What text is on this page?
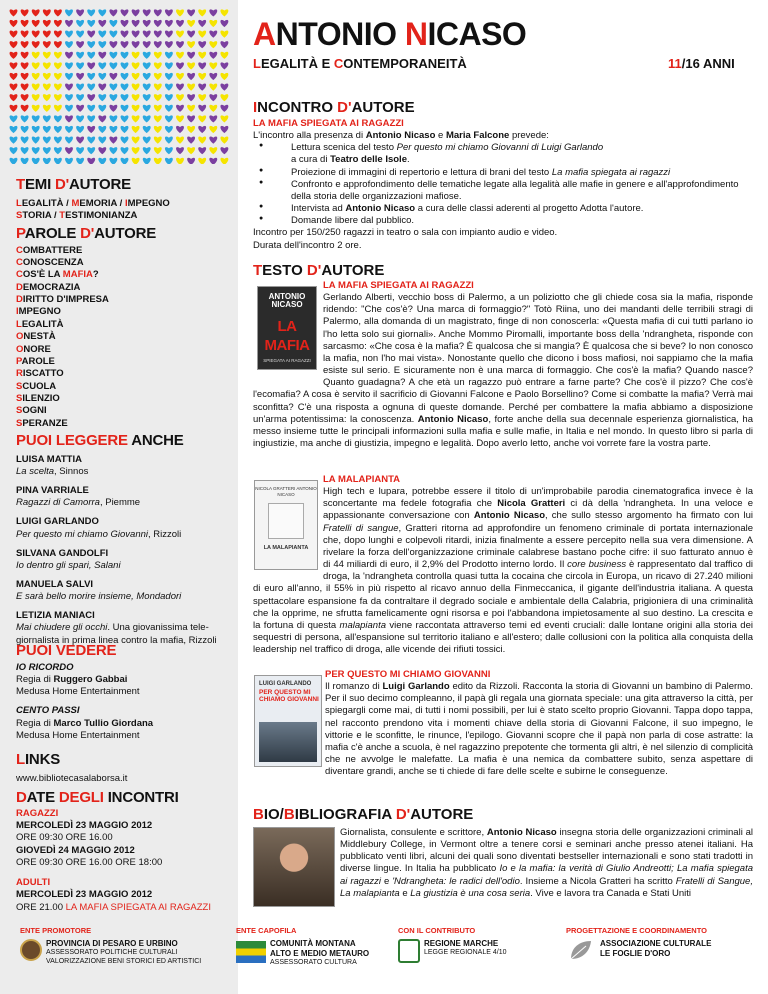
TEMI D'AUTORE
LEGALITÀ / MEMORIA / IMPEGNO
STORIA / TESTIMONIANZA
PAROLE D'AUTORE
COMBATTERE
CONOSCENZA
COS'È LA MAFIA?
DEMOCRAZIA
DIRITTO D'IMPRESA
IMPEGNO
LEGALITÀ
ONESTÀ
ONORE
PAROLE
RISCATTO
SCUOLA
SILENZIO
SOGNI
SPERANZE
PUOI LEGGERE ANCHE
LUISA MATTIA
La scelta, Sinnos
PINA VARRIALE
Ragazzi di Camorra, Piemme
LUIGI GARLANDO
Per questo mi chiamo Giovanni, Rizzoli
SILVANA GANDOLFI
Io dentro gli spari, Salani
MANUELA SALVI
E sarà bello morire insieme, Mondadori
LETIZIA MANIACI
Mai chiudere gli occhi. Una giovanissima tele-giornalista in prima linea contro la mafia, Rizzoli
PUOI VEDERE
IO RICORDO
Regia di Ruggero Gabbai
Medusa Home Entertainment
CENTO PASSI
Regia di Marco Tullio Giordana
Medusa Home Entertainment
LINKS
www.bibliotecasalaborsa.it
DATE DEGLI INCONTRI
RAGAZZI
MERCOLEDÌ 23 MAGGIO 2012
ORE 09:30 ORE 16.00
GIOVEDÌ 24 MAGGIO 2012
ORE 09:30 ORE 16.00 ORE 18:00
ADULTI
MERCOLEDÌ 23 MAGGIO 2012
ORE 21.00 LA MAFIA SPIEGATA AI RAGAZZI
ANTONIO NICASO
LEGALITÀ E CONTEMPORANEITÀ	11/16 ANNI
INCONTRO D'AUTORE
LA MAFIA SPIEGATA AI RAGAZZI
L'incontro alla presenza di Antonio Nicaso e Maria Falcone prevede:
● Lettura scenica del testo Per questo mi chiamo Giovanni di Luigi Garlando
a cura di Teatro delle Isole.
● Proiezione di immagini di repertorio e lettura di brani del testo La mafia spiegata ai ragazzi
● Confronto e approfondimento delle tematiche legate alla legalità alle mafie in genere e all'approfondimento della storia delle organizzazioni mafiose.
● Intervista ad Antonio Nicaso a cura delle classi aderenti al progetto Adotta l'autore.
● Domande libere dal pubblico.
Incontro per 150/250 ragazzi in teatro o sala con impianto audio e video.
Durata dell'incontro 2 ore.
TESTO D'AUTORE
ANTONIO NICASO
LA MAFIA
SPIEGATA AI RAGAZZI
LA MAFIA SPIEGATA AI RAGAZZI
Gerlando Alberti, vecchio boss di Palermo, a un poliziotto che gli chiede cosa sia la mafia, risponde ridendo: "Che cos'è? Una marca di formaggio?" Totò Riina, uno dei mandanti delle terribili stragi di Palermo, alla domanda di un magistrato, finge di non conoscerla: «Questa mafia di cui tutti parlano io l'ho letta solo sui giornali». Anche Mommo Piromalli, importante boss della 'ndrangheta, risponde con sarcasmo: «Che cosa è la mafia? È qualcosa che si mangia? È qualcosa che si beve? Io non conosco la mafia, non l'ho mai vista». Nonostante quello che dicono i boss mafiosi, noi sappiamo che la mafia esiste sul serio. E sicuramente non è una marca di formaggio. Che cos'è la mafia? Quando nasce? Quanto guadagna? A che età un ragazzo può entrare a farne parte? Che cos'è il pizzo? Che cos'è l'ecomafia? A cosa è servito il sacrificio di Giovanni Falcone e Paolo Borsellino? Come si combatte la mafia? Verrà mai sconfitta? C'è una risposta a ognuna di queste domande. Perché per combattere la mafia abbiamo a disposizione un'arma potentissima: la conoscenza. Antonio Nicaso, forte anche della sua decennale esperienza giornalistica, ha messo insieme tutte le principali informazioni sulla mafia e sulle mafie, in Italia e nel mondo. In questo libro si parla di ingiustizie, ma anche di giustizia, impegno e legalità. Dopo averlo letto, anche voi vorrete fare la vostra parte.
NICOLA GRATTERI ANTONIO NICASO
LA MALAPIANTA
LA MALAPIANTA
High tech e lupara, potrebbe essere il titolo di un'improbabile parodia cinematografica invece è la sconcertante ma fedele fotografia che Nicola Gratteri ci dà della 'ndrangheta. In una veloce e appassionante conversazione con Antonio Nicaso, che sullo stesso argomento ha firmato con lui Fratelli di sangue, Gratteri ritorna ad approfondire un fenomeno criminale di portata internazionale che, dopo lunghi e colpevoli ritardi, inizia finalmente a essere percepito nella sua vera dimensione. A rivelare la forza dell'organizzazione criminale calabrese bastano poche cifre: il suo fatturato annuo è di 44 miliardi di euro, il 2,9% del Prodotto interno lordo. Il core business è rappresentato dal traffico di droga, la 'ndrangheta controlla quasi tutta la cocaina che circola in Europa, un ricavo di 27.240 milioni di euro all'anno, il 55% in più rispetto al ricavo annuo della Finmeccanica, il gigante dell'industria italiana. A questa spettacolare espansione fa da contraltare il degrado sociale e ambientale della Calabria, prigioniera di una criminalità che la opprime, ne sfrutta famelicamente ogni risorsa e poi l'abbandona impietosamente al suo destino. La crescita e la fortuna di questa malapianta viene raccontata attraverso temi ed eventi cruciali: dalle lontane origini alla storia dei sequestri di persona, all'espansione sul territorio italiano e all'estero; dalle collusioni con la politica alla conquista della leadership nel traffico di droga, alle vicende dei rifiuti tossici.
LUIGI GARLANDO
PER QUESTO MI CHIAMO GIOVANNI
PER QUESTO MI CHIAMO GIOVANNI
Il romanzo di Luigi Garlando edito da Rizzoli. Racconta la storia di Giovanni un bambino di Palermo. Per il suo decimo compleanno, il papà gli regala una giornata speciale: una gita attraverso la città, per spiegargli come mai, di tutti i nomi possibili, per lui è stato scelto proprio Giovanni. Tappa dopo tappa, nel racconto prendono vita i momenti chiave della storia di Giovanni Falcone, il suo impegno, le vittorie e le sconfitte, le rinunce, l'epilogo. Giovanni scopre che il papà non parla di cose astratte: la mafia c'è anche a scuola, è nel ragazzino prepotente che tormenta gli altri, è nel silenzio di complicità che ne avvolge le malefatte. La mafia è una nemica da combattere subito, senza aspettare di diventare grandi, anche se ti chiede di fare delle scelte e subirne le conseguenze.
BIO/BIBLIOGRAFIA D'AUTORE
Giornalista, consulente e scrittore, Antonio Nicaso insegna storia delle organizzazioni criminali al Middlebury College, in Vermont oltre a tenere corsi e seminari anche presso atenei italiani. Ha pubblicato venti libri, alcuni dei quali sono diventati bestseller internazionali e sono stati tradotti in diverse lingue. In Italia ha pubblicato Io e la mafia: la verità di Giulio Andreotti; La mafia spiegata ai ragazzi e 'Ndrangheta: le radici dell'odio. Insieme a Nicola Gratteri ha scritto Fratelli di Sangue, La malapianta e La giustizia è una cosa seria. Vive e lavora tra Canada e Stati Uniti
ENTE PROMOTORE
PROVINCIA DI PESARO E URBINO
ASSESSORATO POLITICHE CULTURALI
VALORIZZAZIONE BENI STORICI ED ARTISTICI
ENTE CAPOFILA
COMUNITÀ MONTANA
ALTO E MEDIO METAURO
ASSESSORATO CULTURA
CON IL CONTRIBUTO
REGIONE MARCHE
LEGGE REGIONALE 4/10
PROGETTAZIONE E COORDINAMENTO
ASSOCIAZIONE CULTURALE
LE FOGLIE D'ORO
